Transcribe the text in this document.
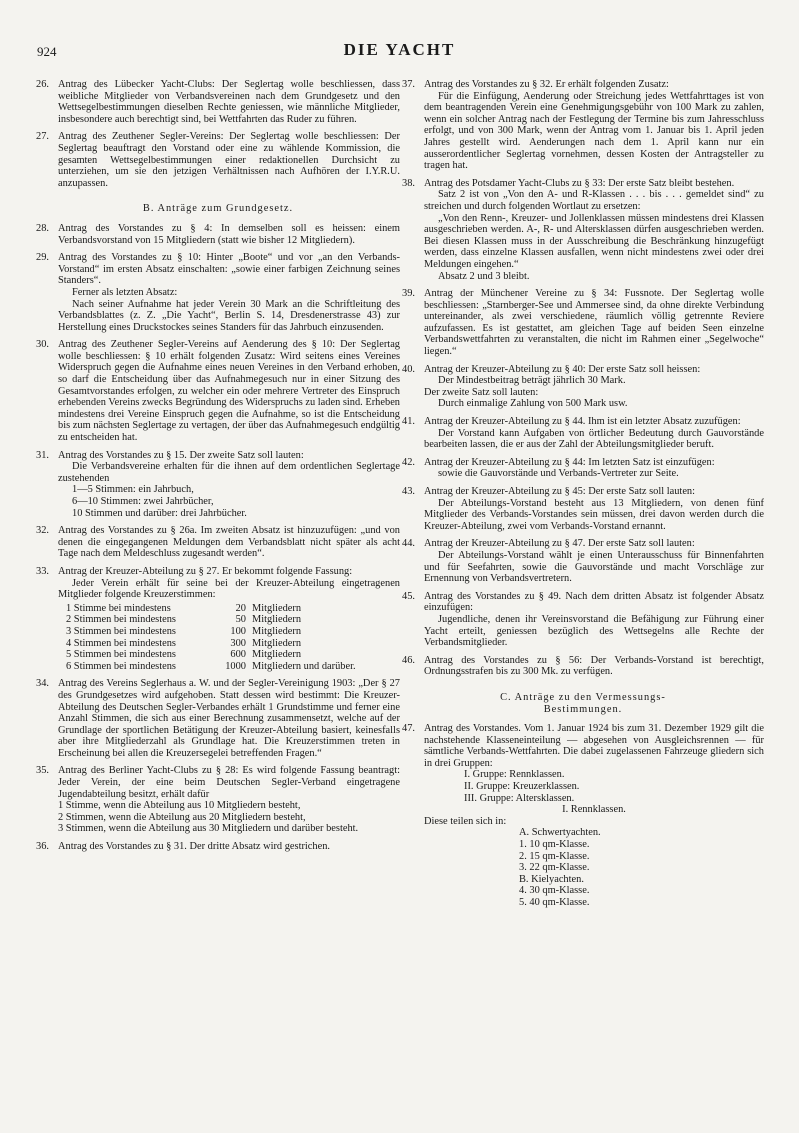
924	DIE YACHT
26. Antrag des Lübecker Yacht-Clubs: Der Seglertag wolle beschliessen, dass weibliche Mitglieder von Verbandsvereinen nach dem Grundgesetz und den Wettsegelbestimmungen dieselben Rechte geniessen, wie männliche Mitglieder, insbesondere auch berechtigt sind, bei Wettfahrten das Ruder zu führen.

27. Antrag des Zeuthener Segler-Vereins: Der Seglertag wolle beschliessen: Der Seglertag beauftragt den Vorstand oder eine zu wählende Kommission, die gesamten Wettsegelbestimmungen einer redaktionellen Durchsicht zu unterziehen, um sie den jetzigen Verhältnissen nach Aufhören der I.Y.R.U. anzupassen.

B. Anträge zum Grundgesetz.
28. Antrag des Vorstandes zu § 4: In demselben soll es heissen: einem Verbandsvorstand von 15 Mitgliedern (statt wie bisher 12 Mitgliedern).

29. Antrag des Vorstandes zu § 10: Hinter „Boote“ und vor „an den Verbands-Vorstand“ im ersten Absatz einschalten: „sowie einer farbigen Zeichnung seines Standers“.

Ferner als letzten Absatz:

Nach seiner Aufnahme hat jeder Verein 30 Mark an die Schriftleitung des Verbandsblattes (z. Z. „Die Yacht“, Berlin S. 14, Dresdenerstrasse 43) zur Herstellung eines Druckstockes seines Standers für das Jahrbuch einzusenden.

30. Antrag des Zeuthener Segler-Vereins auf Aenderung des § 10: Der Seglertag wolle beschliessen: § 10 erhält folgenden Zusatz: Wird seitens eines Vereines Widerspruch gegen die Aufnahme eines neuen Vereines in den Verband erhoben, so darf die Entscheidung über das Aufnahmegesuch nur in einer Sitzung des Gesamtvorstandes erfolgen, zu welcher ein oder mehrere Vertreter des Einspruch erhebenden Vereins zwecks Begründung des Widerspruchs zu laden sind. Erheben mindestens drei Vereine Einspruch gegen die Aufnahme, so ist die Entscheidung bis zum nächsten Seglertage zu vertagen, der über das Aufnahmegesuch endgültig zu entscheiden hat.

31. Antrag des Vorstandes zu § 15. Der zweite Satz soll lauten:

Die Verbandsvereine erhalten für die ihnen auf dem ordentlichen Seglertage zustehenden

1—5 Stimmen: ein Jahrbuch,

6—10 Stimmen: zwei Jahrbücher,

10 Stimmen und darüber: drei Jahrbücher.

32. Antrag des Vorstandes zu § 26a. Im zweiten Absatz ist hinzuzufügen: „und von denen die eingegangenen Meldungen dem Verbandsblatt nicht später als acht Tage nach dem Meldeschluss zugesandt werden“.

33. Antrag der Kreuzer-Abteilung zu § 27. Er bekommt folgende Fassung:

Jeder Verein erhält für seine bei der Kreuzer-Abteilung eingetragenen Mitglieder folgende Kreuzerstimmen:

1 Stimme bei mindestens	20 Mitgliedern
2 Stimmen bei mindestens	50 Mitgliedern
3 Stimmen bei mindestens	100 Mitgliedern
4 Stimmen bei mindestens	300 Mitgliedern
5 Stimmen bei mindestens	600 Mitgliedern
6 Stimmen bei mindestens	1000 Mitgliedern und darüber.
34. Antrag des Vereins Seglerhaus a. W. und der Segler-Vereinigung 1903: „Der § 27 des Grundgesetzes wird aufgehoben. Statt dessen wird bestimmt: Die Kreuzer-Abteilung des Deutschen Segler-Verbandes erhält 1 Grundstimme und ferner eine Anzahl Stimmen, die sich aus einer Berechnung zusammensetzt, welche auf der Grundlage der sportlichen Betätigung der Kreuzer-Abteilung basiert, keinesfalls aber ihre Mitgliederzahl als Grundlage hat. Die Kreuzerstimmen treten in Erscheinung bei allen die Kreuzersegelei betreffenden Fragen.“

35. Antrag des Berliner Yacht-Clubs zu § 28: Es wird folgende Fassung beantragt: Jeder Verein, der eine beim Deutschen Segler-Verband eingetragene Jugendabteilung besitzt, erhält dafür

1 Stimme, wenn die Abteilung aus 10 Mitgliedern besteht,

2 Stimmen, wenn die Abteilung aus 20 Mitgliedern besteht,

3 Stimmen, wenn die Abteilung aus 30 Mitgliedern und darüber besteht.

36. Antrag des Vorstandes zu § 31. Der dritte Absatz wird gestrichen.

37. Antrag des Vorstandes zu § 32. Er erhält folgenden Zusatz:

Für die Einfügung, Aenderung oder Streichung jedes Wettfahrttages ist von dem beantragenden Verein eine Genehmigungsgebühr von 100 Mark zu zahlen, wenn ein solcher Antrag nach der Festlegung der Termine bis zum Jahresschluss erfolgt, und von 300 Mark, wenn der Antrag vom 1. Januar bis 1. April jeden Jahres gestellt wird. Aenderungen nach dem 1. April kann nur ein ausserordentlicher Seglertag vornehmen, dessen Kosten der Antragsteller zu tragen hat.

38. Antrag des Potsdamer Yacht-Clubs zu § 33: Der erste Satz bleibt bestehen.

Satz 2 ist von „Von den A- und R-Klassen . . . bis . . . gemeldet sind“ zu streichen und durch folgenden Wortlaut zu ersetzen:

„Von den Renn-, Kreuzer- und Jollenklassen müssen mindestens drei Klassen ausgeschrieben werden. A-, R- und Altersklassen dürfen ausgeschrieben werden. Bei diesen Klassen muss in der Ausschreibung die Beschränkung hinzugefügt werden, dass einzelne Klassen ausfallen, wenn nicht mindestens zwei oder drei Meldungen eingehen.“

Absatz 2 und 3 bleibt.

39. Antrag der Münchener Vereine zu § 34: Fussnote. Der Seglertag wolle beschliessen: „Starnberger-See und Ammersee sind, da ohne direkte Verbindung untereinander, als zwei verschiedene, räumlich völlig getrennte Reviere aufzufassen. Es ist gestattet, am gleichen Tage auf beiden Seen einzelne Verbandswettfahrten zu veranstalten, die nicht im Rahmen einer „Segelwoche“ liegen.“

40. Antrag der Kreuzer-Abteilung zu § 40: Der erste Satz soll heissen:

Der Mindestbeitrag beträgt jährlich 30 Mark.

Der zweite Satz soll lauten:

Durch einmalige Zahlung von 500 Mark usw.

41. Antrag der Kreuzer-Abteilung zu § 44. Ihm ist ein letzter Absatz zuzufügen:

Der Vorstand kann Aufgaben von örtlicher Bedeutung durch Gauvorstände bearbeiten lassen, die er aus der Zahl der Abteilungsmitglieder beruft.

42. Antrag der Kreuzer-Abteilung zu § 44: Im letzten Satz ist einzufügen:

sowie die Gauvorstände und Verbands-Vertreter zur Seite.

43. Antrag der Kreuzer-Abteilung zu § 45: Der erste Satz soll lauten:

Der Abteilungs-Vorstand besteht aus 13 Mitgliedern, von denen fünf Mitglieder des Verbands-Vorstandes sein müssen, drei davon werden durch die Kreuzer-Abteilung, zwei vom Verbands-Vorstand ernannt.

44. Antrag der Kreuzer-Abteilung zu § 47. Der erste Satz soll lauten:

Der Abteilungs-Vorstand wählt je einen Unterausschuss für Binnenfahrten und für Seefahrten, sowie die Gauvorstände und macht Vorschläge zur Ernennung von Verbandsvertretern.

45. Antrag des Vorstandes zu § 49. Nach dem dritten Absatz ist folgender Absatz einzufügen:

Jugendliche, denen ihr Vereinsvorstand die Befähigung zur Führung einer Yacht erteilt, geniessen bezüglich des Wettsegelns alle Rechte der Verbandsmitglieder.

46. Antrag des Vorstandes zu § 56: Der Verbands-Vorstand ist berechtigt, Ordnungsstrafen bis zu 300 Mk. zu verfügen.

C. Anträge zu den Vermessungs-
Bestimmungen.
47. Antrag des Vorstandes. Vom 1. Januar 1924 bis zum 31. Dezember 1929 gilt die nachstehende Klasseneinteilung — abgesehen von Ausgleichsrennen — für sämtliche Verbands-Wettfahrten. Die dabei zugelassenen Fahrzeuge gliedern sich in drei Gruppen:

I. Gruppe: Rennklassen.

II. Gruppe: Kreuzerklassen.

III. Gruppe: Altersklassen.

I. Rennklassen.

Diese teilen sich in:

A. Schwertyachten.

1. 10 qm-Klasse.

2. 15 qm-Klasse.

3. 22 qm-Klasse.

B. Kielyachten.

4. 30 qm-Klasse.

5. 40 qm-Klasse.
